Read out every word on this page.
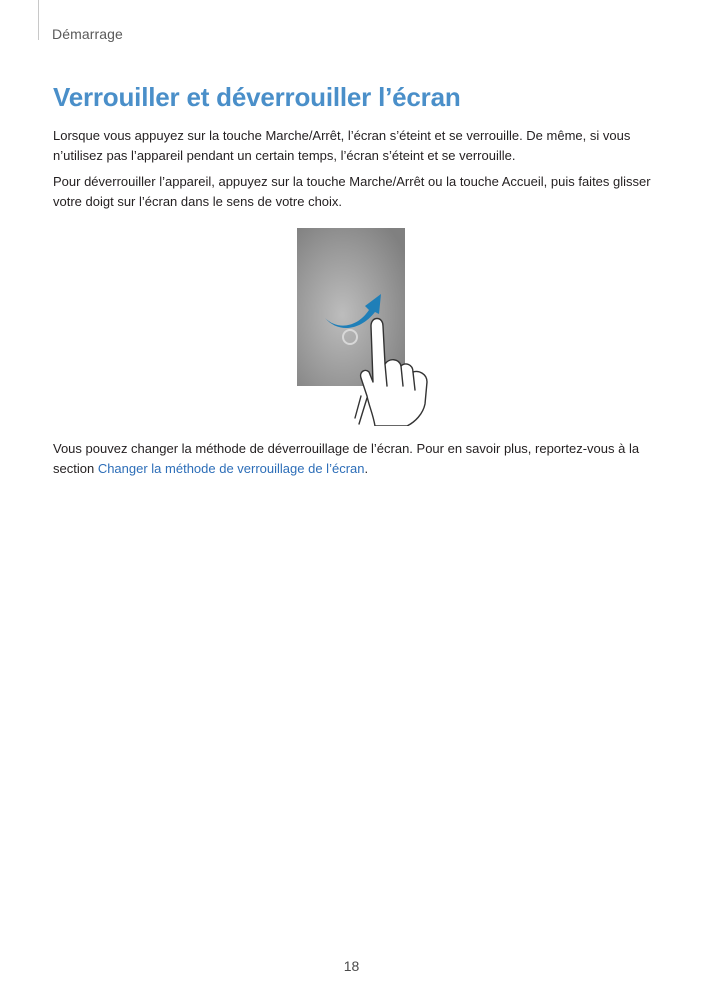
Démarrage
Verrouiller et déverrouiller l’écran

Lorsque vous appuyez sur la touche Marche/Arrêt, l’écran s’éteint et se verrouille. De même, si vous n’utilisez pas l’appareil pendant un certain temps, l’écran s’éteint et se verrouille.

Pour déverrouiller l’appareil, appuyez sur la touche Marche/Arrêt ou la touche Accueil, puis faites glisser votre doigt sur l’écran dans le sens de votre choix.

Vous pouvez changer la méthode de déverrouillage de l’écran. Pour en savoir plus, reportez-vous à la section Changer la méthode de verrouillage de l’écran.

18
